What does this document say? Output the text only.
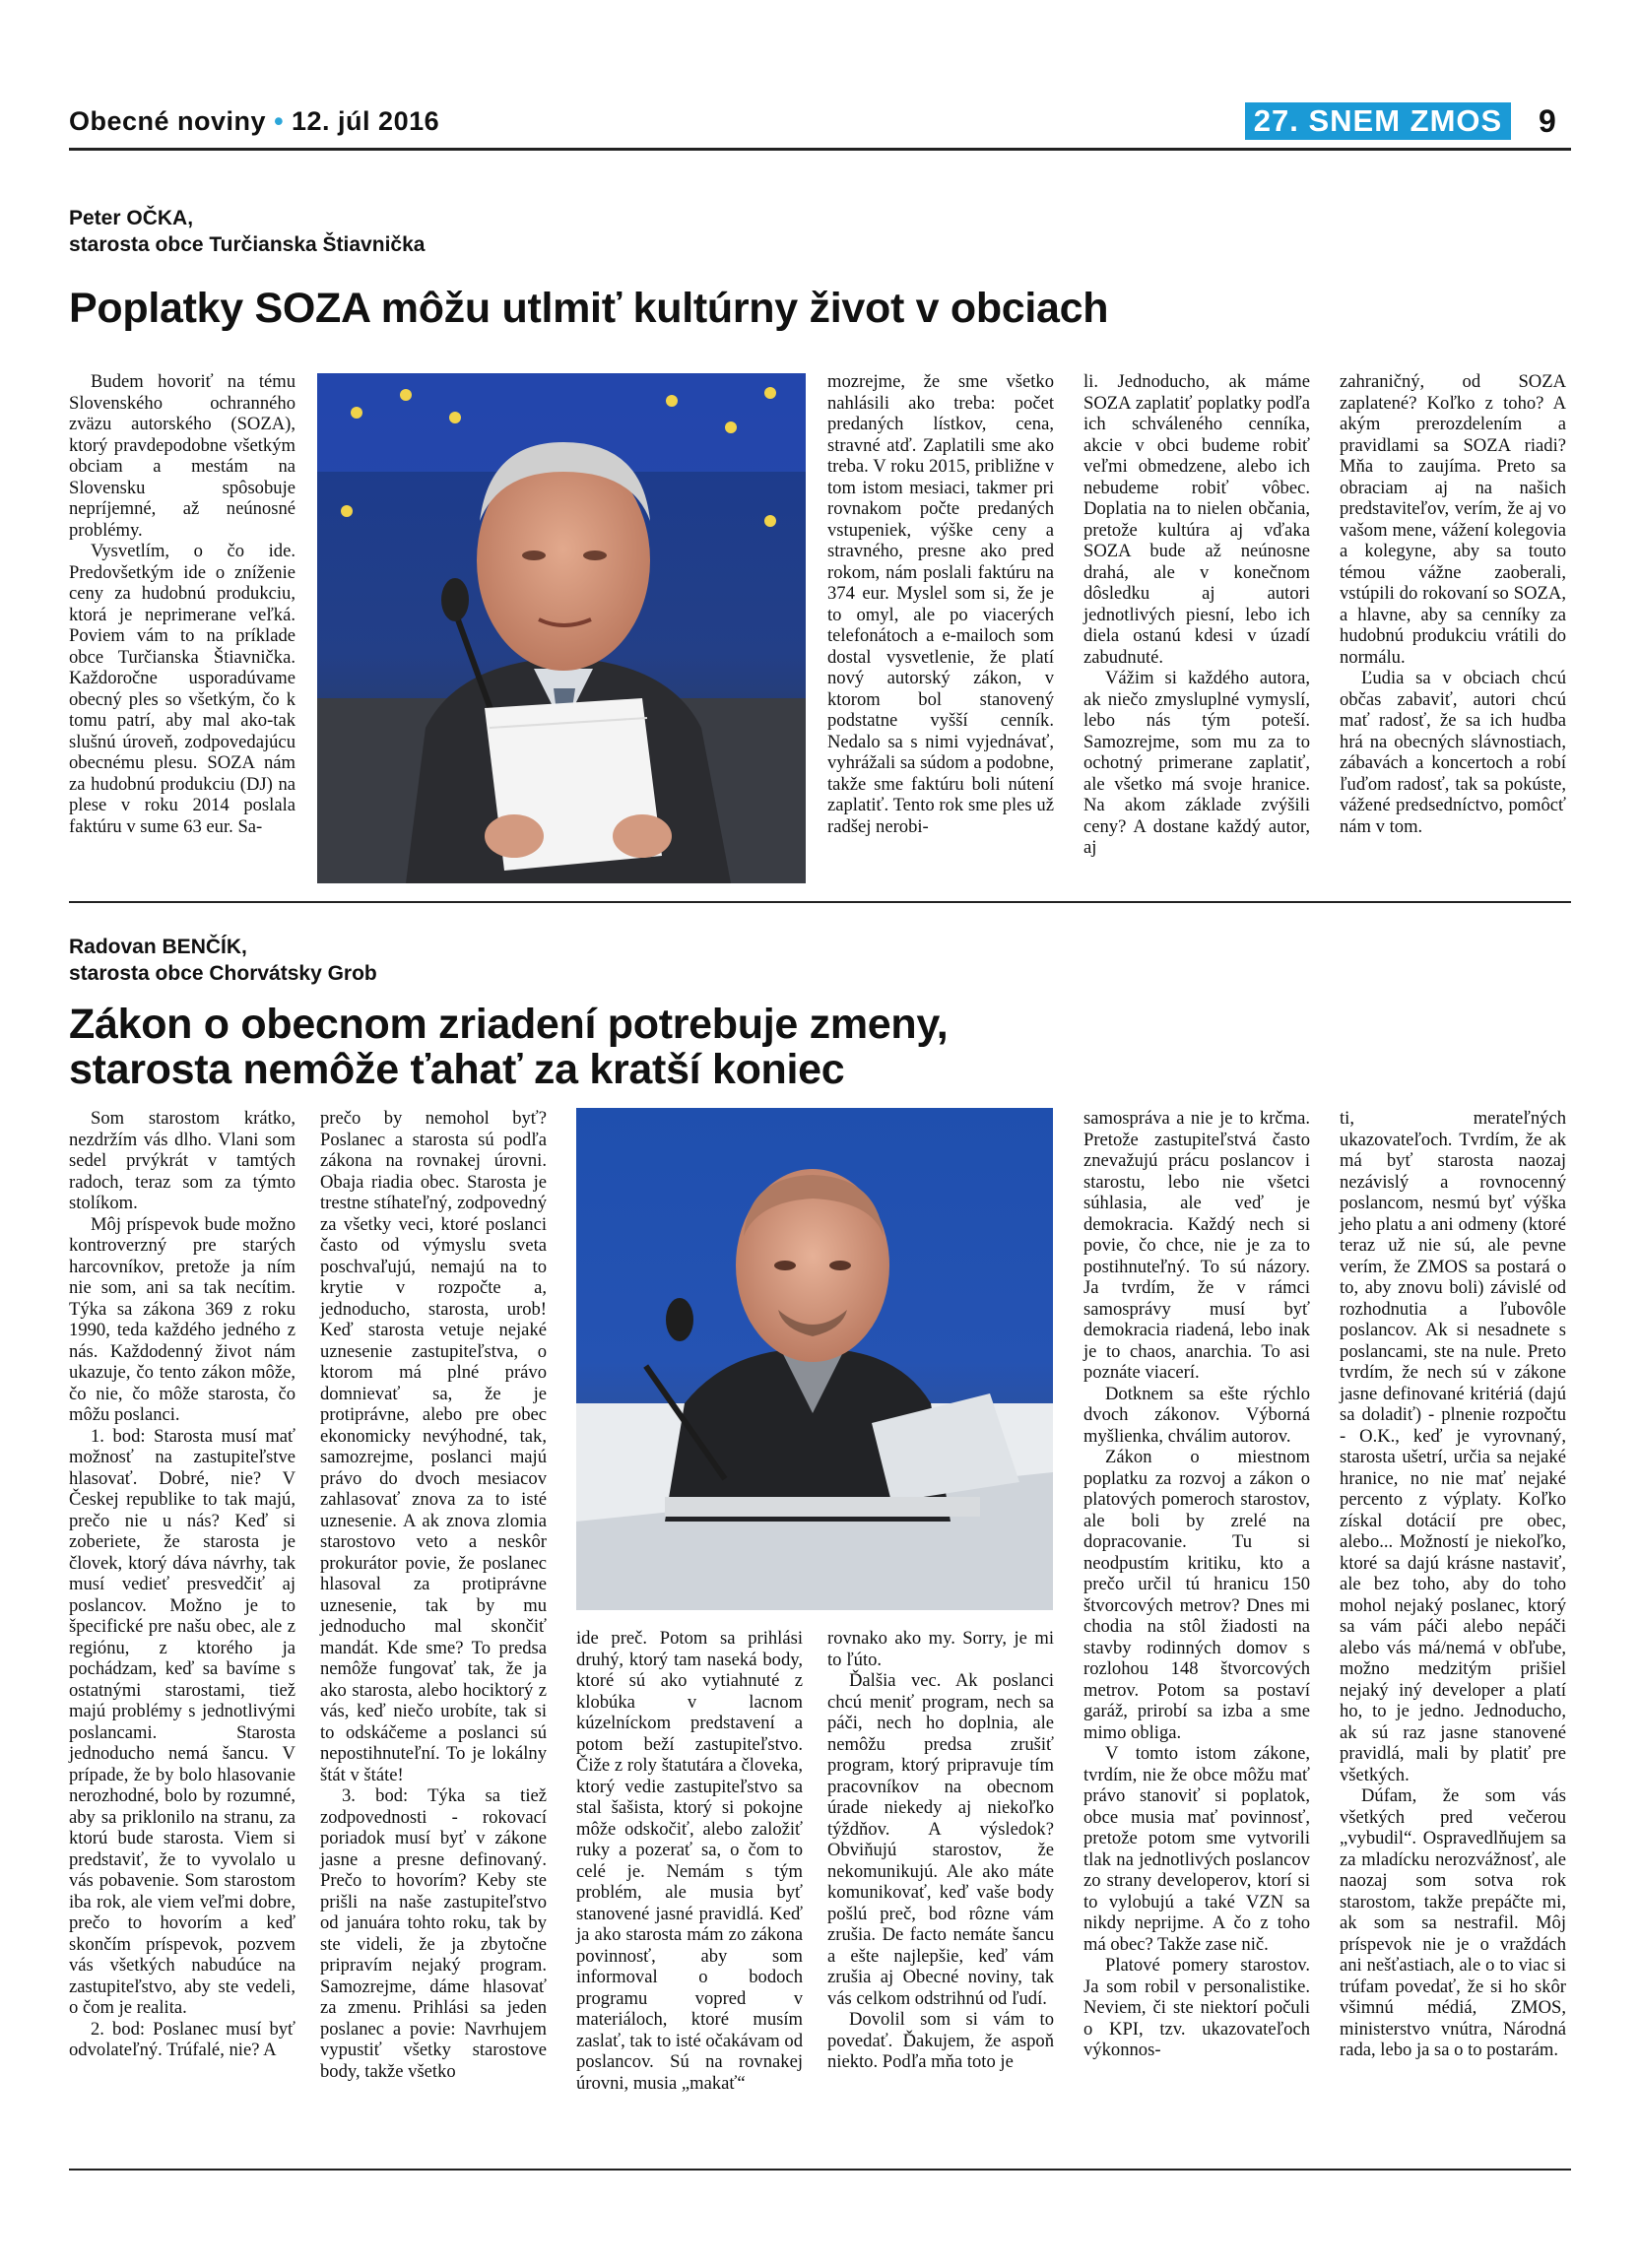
Obecné noviny • 12. júl 2016	27. SNEM ZMOS 9
Peter OČKA,
starosta obce Turčianska Štiavnička
Poplatky SOZA môžu utlmiť kultúrny život v obciach

Budem hovoriť na tému Slovenského ochranného zväzu autorského (SOZA), ktorý pravdepodobne všetkým obciam a mestám na Slovensku spôsobuje nepríjemné, až neúnosné problémy.

Vysvetlím, o čo ide. Predovšetkým ide o zníženie ceny za hudobnú produkciu, ktorá je neprimerane veľká. Poviem vám to na príklade obce Turčianska Štiavnička. Každoročne usporadúvame obecný ples so všetkým, čo k tomu patrí, aby mal ako-tak slušnú úroveň, zodpovedajúcu obecnému plesu. SOZA nám za hudobnú produkciu (DJ) na plese v roku 2014 poslala faktúru v sume 63 eur. Sa-

mozrejme, že sme všetko nahlásili ako treba: počet predaných lístkov, cena, stravné atď. Zaplatili sme ako treba. V roku 2015, približne v tom istom mesiaci, takmer pri rovnakom počte predaných vstupeniek, výške ceny a stravného, presne ako pred rokom, nám poslali faktúru na 374 eur. Myslel som si, že je to omyl, ale po viacerých telefonátoch a e-mailoch som dostal vysvetlenie, že platí nový autorský zákon, v ktorom bol stanovený podstatne vyšší cenník. Nedalo sa s nimi vyjednávať, vyhrážali sa súdom a podobne, takže sme faktúru boli nútení zaplatiť. Tento rok sme ples už radšej nerobi-

li. Jednoducho, ak máme SOZA zaplatiť poplatky podľa ich schváleného cenníka, akcie v obci budeme robiť veľmi obmedzene, alebo ich nebudeme robiť vôbec. Doplatia na to nielen občania, pretože kultúra aj vďaka SOZA bude až neúnosne drahá, ale v konečnom dôsledku aj autori jednotlivých piesní, lebo ich diela ostanú kdesi v úzadí zabudnuté.

Vážim si každého autora, ak niečo zmysluplné vymyslí, lebo nás tým poteší. Samozrejme, som mu za to ochotný primerane zaplatiť, ale všetko má svoje hranice. Na akom základe zvýšili ceny? A dostane každý autor, aj

zahraničný, od SOZA zaplatené? Koľko z toho? A akým prerozdelením a pravidlami sa SOZA riadi? Mňa to zaujíma. Preto sa obraciam aj na našich predstaviteľov, verím, že aj vo vašom mene, vážení kolegovia a kolegyne, aby sa touto témou vážne zaoberali, vstúpili do rokovaní so SOZA, a hlavne, aby sa cenníky za hudobnú produkciu vrátili do normálu.

Ľudia sa v obciach chcú občas zabaviť, autori chcú mať radosť, že sa ich hudba hrá na obecných slávnostiach, zábavách a koncertoch a robí ľuďom radosť, tak sa pokúste, vážené predsedníctvo, pomôcť nám v tom.

Radovan BENČÍK,
starosta obce Chorvátsky Grob
Zákon o obecnom zriadení potrebuje zmeny,
starosta nemôže ťahať za kratší koniec

Som starostom krátko, nezdržím vás dlho. Vlani som sedel prvýkrát v tamtých radoch, teraz som za týmto stolíkom.

Môj príspevok bude možno kontroverzný pre starých harcovníkov, pretože ja ním nie som, ani sa tak necítim. Týka sa zákona 369 z roku 1990, teda každého jedného z nás. Každodenný život nám ukazuje, čo tento zákon môže, čo nie, čo môže starosta, čo môžu poslanci.

1. bod: Starosta musí mať možnosť na zastupiteľstve hlasovať. Dobré, nie? V Českej republike to tak majú, prečo nie u nás? Keď si zoberiete, že starosta je človek, ktorý dáva návrhy, tak musí vedieť presvedčiť aj poslancov. Možno je to špecifické pre našu obec, ale z regiónu, z ktorého ja pochádzam, keď sa bavíme s ostatnými starostami, tiež majú problémy s jednotlivými poslancami. Starosta jednoducho nemá šancu. V prípade, že by bolo hlasovanie nerozhodné, bolo by rozumné, aby sa priklonilo na stranu, za ktorú bude starosta. Viem si predstaviť, že to vyvolalo u vás pobavenie. Som starostom iba rok, ale viem veľmi dobre, prečo to hovorím a keď skončím príspevok, pozvem vás všetkých nabudúce na zastupiteľstvo, aby ste vedeli, o čom je realita.

2. bod: Poslanec musí byť odvolateľný. Trúfalé, nie? A

prečo by nemohol byť? Poslanec a starosta sú podľa zákona na rovnakej úrovni. Obaja riadia obec. Starosta je trestne stíhateľný, zodpovedný za všetky veci, ktoré poslanci často od výmyslu sveta poschvaľujú, nemajú na to krytie v rozpočte a, jednoducho, starosta, urob! Keď starosta vetuje nejaké uznesenie zastupiteľstva, o ktorom má plné právo domnievať sa, že je protiprávne, alebo pre obec ekonomicky nevýhodné, tak, samozrejme, poslanci majú právo do dvoch mesiacov zahlasovať znova za to isté uznesenie. A ak znova zlomia starostovo veto a neskôr prokurátor povie, že poslanec hlasoval za protiprávne uznesenie, tak by mu jednoducho mal skončiť mandát. Kde sme? To predsa nemôže fungovať tak, že ja ako starosta, alebo hociktorý z vás, keď niečo urobíte, tak si to odskáčeme a poslanci sú nepostihnuteľní. To je lokálny štát v štáte!

3. bod: Týka sa tiež zodpovednosti - rokovací poriadok musí byť v zákone jasne a presne definovaný. Prečo to hovorím? Keby ste prišli na naše zastupiteľstvo od januára tohto roku, tak by ste videli, že ja zbytočne pripravím nejaký program. Samozrejme, dáme hlasovať za zmenu. Prihlási sa jeden poslanec a povie: Navrhujem vypustiť všetky starostove body, takže všetko

ide preč. Potom sa prihlási druhý, ktorý tam naseká body, ktoré sú ako vytiahnuté z klobúka v lacnom kúzelníckom predstavení a potom beží zastupiteľstvo. Čiže z roly štatutára a človeka, ktorý vedie zastupiteľstvo sa stal šašista, ktorý si pokojne môže odskočiť, alebo založiť ruky a pozerať sa, o čom to celé je. Nemám s tým problém, ale musia byť stanovené jasné pravidlá. Keď ja ako starosta mám zo zákona povinnosť, aby som informoval o bodoch programu vopred v materiáloch, ktoré musím zaslať, tak to isté očakávam od poslancov. Sú na rovnakej úrovni, musia „makať“

rovnako ako my. Sorry, je mi to ľúto.

Ďalšia vec. Ak poslanci chcú meniť program, nech sa páči, nech ho doplnia, ale nemôžu predsa zrušiť program, ktorý pripravuje tím pracovníkov na obecnom úrade niekedy aj niekoľko týždňov. A výsledok? Obviňujú starostov, že nekomunikujú. Ale ako máte komunikovať, keď vaše body pošlú preč, bod rôzne vám zrušia. De facto nemáte šancu a ešte najlepšie, keď vám zrušia aj Obecné noviny, tak vás celkom odstrihnú od ľudí.

Dovolil som si vám to povedať. Ďakujem, že aspoň niekto. Podľa mňa toto je

samospráva a nie je to krčma. Pretože zastupiteľstvá často znevažujú prácu poslancov i starostu, lebo nie všetci súhlasia, ale veď je demokracia. Každý nech si povie, čo chce, nie je za to postihnuteľný. To sú názory. Ja tvrdím, že v rámci samosprávy musí byť demokracia riadená, lebo inak je to chaos, anarchia. To asi poznáte viacerí.

Dotknem sa ešte rýchlo dvoch zákonov. Výborná myšlienka, chválim autorov.

Zákon o miestnom poplatku za rozvoj a zákon o platových pomeroch starostov, ale boli by zrelé na dopracovanie. Tu si neodpustím kritiku, kto a prečo určil tú hranicu 150 štvorcových metrov? Dnes mi chodia na stôl žiadosti na stavby rodinných domov s rozlohou 148 štvorcových metrov. Potom sa postaví garáž, prirobí sa izba a sme mimo obliga.

V tomto istom zákone, tvrdím, nie že obce môžu mať právo stanoviť si poplatok, obce musia mať povinnosť, pretože potom sme vytvorili tlak na jednotlivých poslancov zo strany developerov, ktorí si to vylobujú a také VZN sa nikdy neprijme. A čo z toho má obec? Takže zase nič.

Platové pomery starostov. Ja som robil v personalistike. Neviem, či ste niektorí počuli o KPI, tzv. ukazovateľoch výkonnos-

ti, merateľných ukazovateľoch. Tvrdím, že ak má byť starosta naozaj nezávislý a rovnocenný poslancom, nesmú byť výška jeho platu a ani odmeny (ktoré teraz už nie sú, ale pevne verím, že ZMOS sa postará o to, aby znovu boli) závislé od rozhodnutia a ľubovôle poslancov. Ak si nesadnete s poslancami, ste na nule. Preto tvrdím, že nech sú v zákone jasne definované kritériá (dajú sa doladiť) - plnenie rozpočtu - O.K., keď je vyrovnaný, starosta ušetrí, určia sa nejaké hranice, no nie mať nejaké percento z výplaty. Koľko získal dotácií pre obec, alebo... Možností je niekoľko, ktoré sa dajú krásne nastaviť, ale bez toho, aby do toho mohol nejaký poslanec, ktorý sa vám páči alebo nepáči alebo vás má/nemá v obľube, možno medzitým prišiel nejaký iný developer a platí ho, to je jedno. Jednoducho, ak sú raz jasne stanovené pravidlá, mali by platiť pre všetkých.

Dúfam, že som vás všetkých pred večerou „vybudil“. Ospravedlňujem sa za mladícku nerozvážnosť, ale naozaj som sotva rok starostom, takže prepáčte mi, ak som sa nestrafil. Môj príspevok nie je o vraždách ani nešťastiach, ale o to viac si trúfam povedať, že si ho skôr všimnú médiá, ZMOS, ministerstvo vnútra, Národná rada, lebo ja sa o to postarám.
